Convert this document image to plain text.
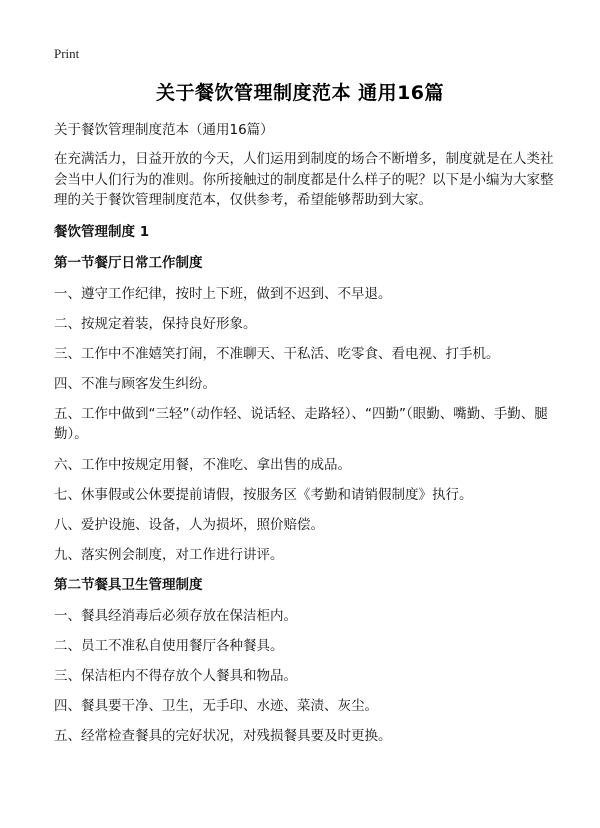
Print
关于餐饮管理制度范本 通用16篇

关于餐饮管理制度范本（通用16篇）

在充满活力，日益开放的今天，人们运用到制度的场合不断增多，制度就是在人类社会当中人们行为的准则。你所接触过的制度都是什么样子的呢？以下是小编为大家整理的关于餐饮管理制度范本，仅供参考，希望能够帮助到大家。

餐饮管理制度 1

第一节餐厅日常工作制度

一、遵守工作纪律，按时上下班，做到不迟到、不早退。

二、按规定着装，保持良好形象。

三、工作中不准嬉笑打闹，不准聊天、干私活、吃零食、看电视、打手机。

四、不准与顾客发生纠纷。

五、工作中做到“三轻”（动作轻、说话轻、走路轻）、“四勤”（眼勤、嘴勤、手勤、腿勤）。

六、工作中按规定用餐，不准吃、拿出售的成品。

七、休事假或公休要提前请假，按服务区《考勤和请销假制度》执行。

八、爱护设施、设备，人为损坏，照价赔偿。

九、落实例会制度，对工作进行讲评。

第二节餐具卫生管理制度

一、餐具经消毒后必须存放在保洁柜内。

二、员工不准私自使用餐厅各种餐具。

三、保洁柜内不得存放个人餐具和物品。

四、餐具要干净、卫生，无手印、水迹、菜渍、灰尘。

五、经常检查餐具的完好状况，对残损餐具要及时更换。
